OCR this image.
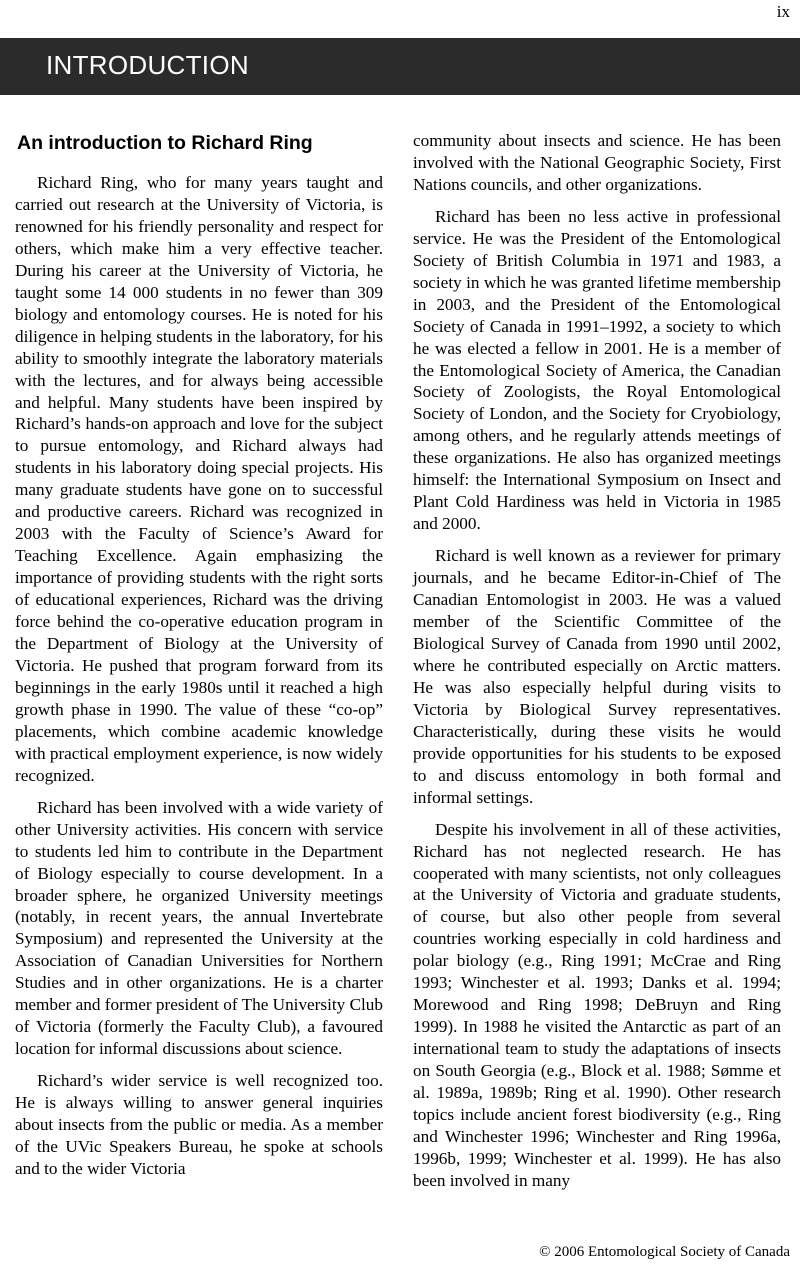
ix
INTRODUCTION
An introduction to Richard Ring

Richard Ring, who for many years taught and carried out research at the University of Victoria, is renowned for his friendly personality and respect for others, which make him a very effective teacher. During his career at the University of Victoria, he taught some 14 000 students in no fewer than 309 biology and entomology courses. He is noted for his diligence in helping students in the laboratory, for his ability to smoothly integrate the laboratory materials with the lectures, and for always being accessible and helpful. Many students have been inspired by Richard’s hands-on approach and love for the subject to pursue entomology, and Richard always had students in his laboratory doing special projects. His many graduate students have gone on to successful and productive careers. Richard was recognized in 2003 with the Faculty of Science’s Award for Teaching Excellence. Again emphasizing the importance of providing students with the right sorts of educational experiences, Richard was the driving force behind the co-operative education program in the Department of Biology at the University of Victoria. He pushed that program forward from its beginnings in the early 1980s until it reached a high growth phase in 1990. The value of these “co-op” placements, which combine academic knowledge with practical employment experience, is now widely recognized.

Richard has been involved with a wide variety of other University activities. His concern with service to students led him to contribute in the Department of Biology especially to course development. In a broader sphere, he organized University meetings (notably, in recent years, the annual Invertebrate Symposium) and represented the University at the Association of Canadian Universities for Northern Studies and in other organizations. He is a charter member and former president of The University Club of Victoria (formerly the Faculty Club), a favoured location for informal discussions about science.

Richard’s wider service is well recognized too. He is always willing to answer general inquiries about insects from the public or media. As a member of the UVic Speakers Bureau, he spoke at schools and to the wider Victoria

community about insects and science. He has been involved with the National Geographic Society, First Nations councils, and other organizations.

Richard has been no less active in professional service. He was the President of the Entomological Society of British Columbia in 1971 and 1983, a society in which he was granted lifetime membership in 2003, and the President of the Entomological Society of Canada in 1991–1992, a society to which he was elected a fellow in 2001. He is a member of the Entomological Society of America, the Canadian Society of Zoologists, the Royal Entomological Society of London, and the Society for Cryobiology, among others, and he regularly attends meetings of these organizations. He also has organized meetings himself: the International Symposium on Insect and Plant Cold Hardiness was held in Victoria in 1985 and 2000.

Richard is well known as a reviewer for primary journals, and he became Editor-in-Chief of The Canadian Entomologist in 2003. He was a valued member of the Scientific Committee of the Biological Survey of Canada from 1990 until 2002, where he contributed especially on Arctic matters. He was also especially helpful during visits to Victoria by Biological Survey representatives. Characteristically, during these visits he would provide opportunities for his students to be exposed to and discuss entomology in both formal and informal settings.

Despite his involvement in all of these activities, Richard has not neglected research. He has cooperated with many scientists, not only colleagues at the University of Victoria and graduate students, of course, but also other people from several countries working especially in cold hardiness and polar biology (e.g., Ring 1991; McCrae and Ring 1993; Winchester et al. 1993; Danks et al. 1994; Morewood and Ring 1998; DeBruyn and Ring 1999). In 1988 he visited the Antarctic as part of an international team to study the adaptations of insects on South Georgia (e.g., Block et al. 1988; Sømme et al. 1989a, 1989b; Ring et al. 1990). Other research topics include ancient forest biodiversity (e.g., Ring and Winchester 1996; Winchester and Ring 1996a, 1996b, 1999; Winchester et al. 1999). He has also been involved in many

© 2006 Entomological Society of Canada
